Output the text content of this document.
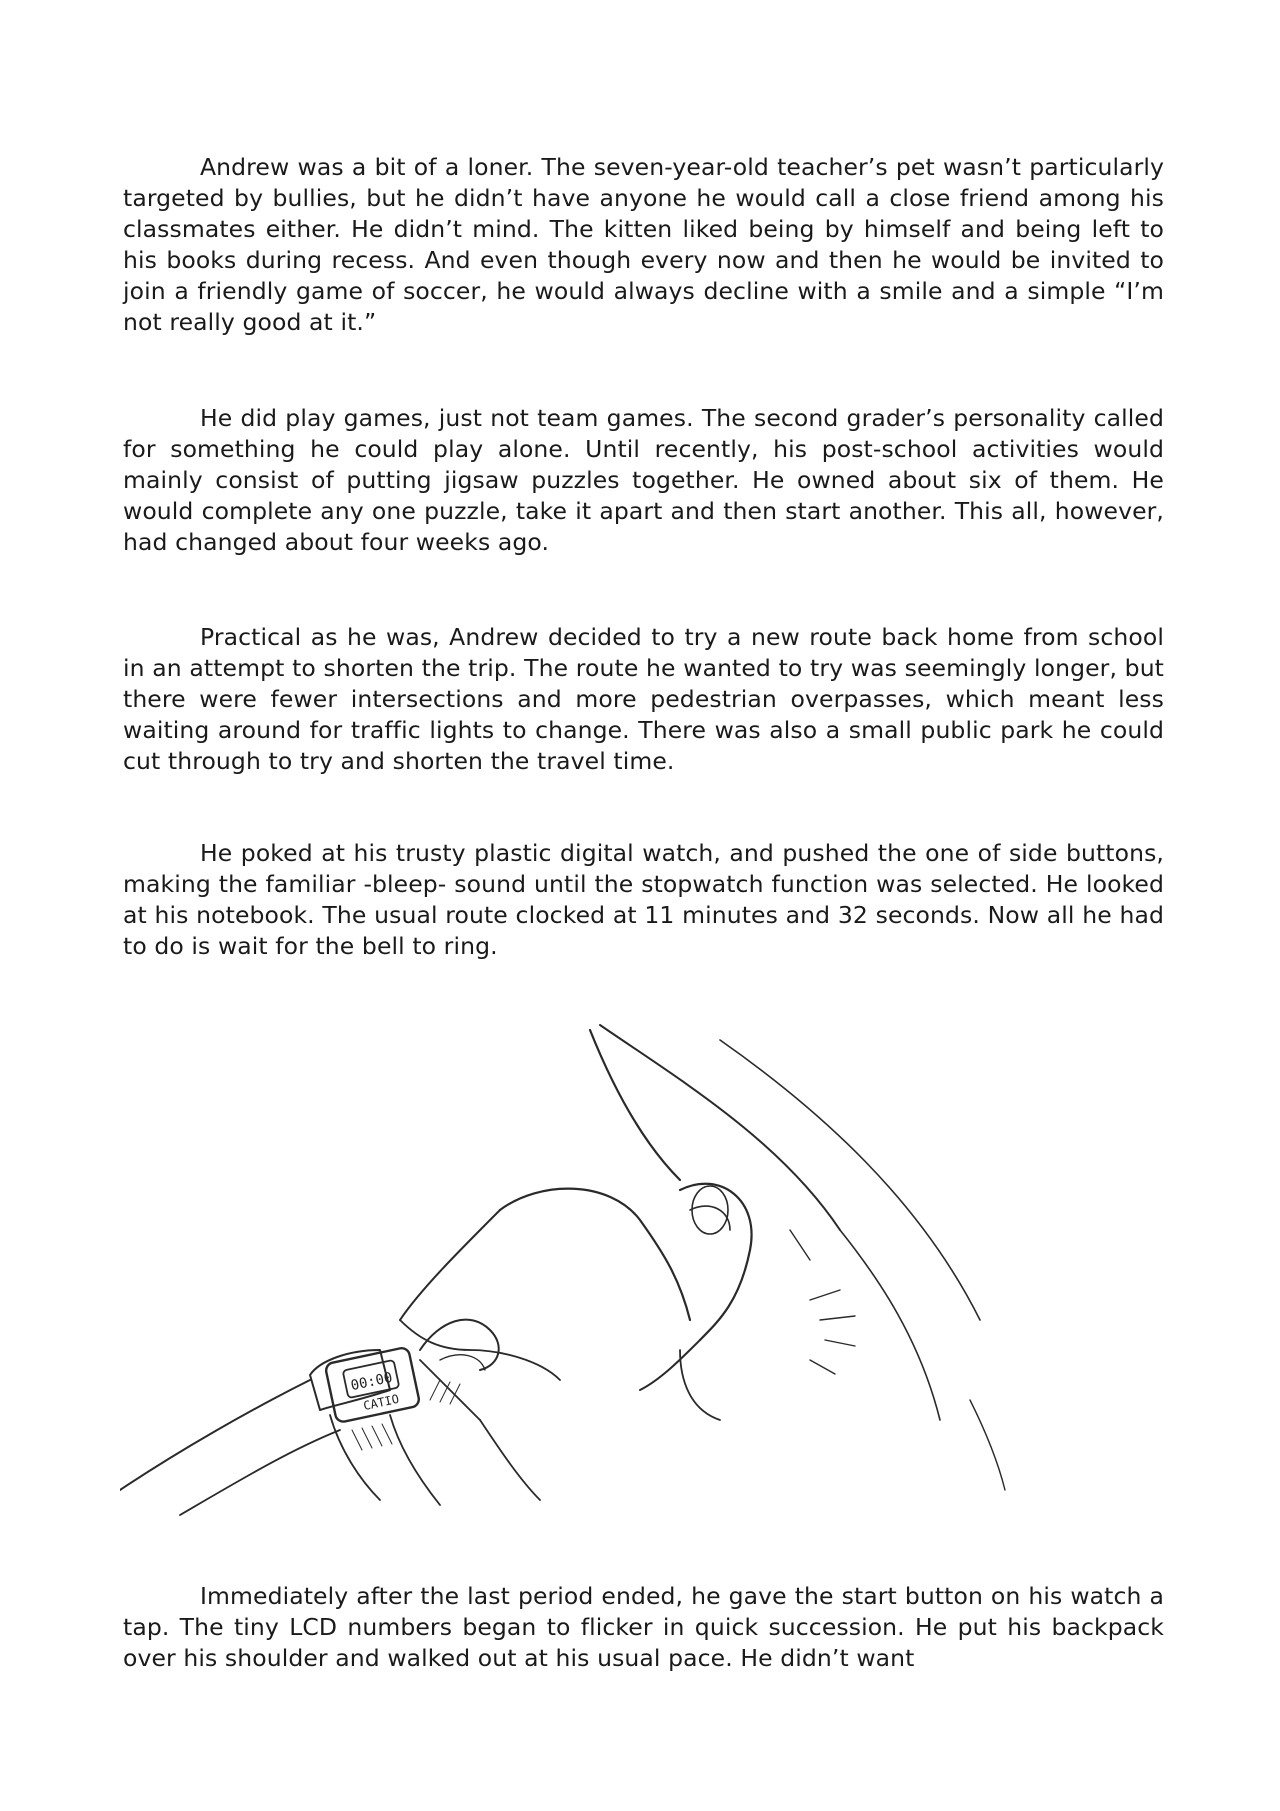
Andrew was a bit of a loner. The seven-year-old teacher’s pet wasn’t particularly targeted by bullies, but he didn’t have anyone he would call a close friend among his classmates either. He didn’t mind. The kitten liked being by himself and being left to his books during recess. And even though every now and then he would be invited to join a friendly game of soccer, he would always decline with a smile and a simple “I’m not really good at it.”

He did play games, just not team games. The second grader’s personality called for something he could play alone. Until recently, his post-school activities would mainly consist of putting jigsaw puzzles together. He owned about six of them. He would complete any one puzzle, take it apart and then start another. This all, however, had changed about four weeks ago.

Practical as he was, Andrew decided to try a new route back home from school in an attempt to shorten the trip. The route he wanted to try was seemingly longer, but there were fewer intersections and more pedestrian overpasses, which meant less waiting around for traffic lights to change. There was also a small public park he could cut through to try and shorten the travel time.

He poked at his trusty plastic digital watch, and pushed the one of side buttons, making the familiar -bleep- sound until the stopwatch function was selected. He looked at his notebook. The usual route clocked at 11 minutes and 32 seconds. Now all he had to do is wait for the bell to ring.

00:00
CATIO

Immediately after the last period ended, he gave the start button on his watch a tap. The tiny LCD numbers began to flicker in quick succession. He put his backpack over his shoulder and walked out at his usual pace. He didn’t want
